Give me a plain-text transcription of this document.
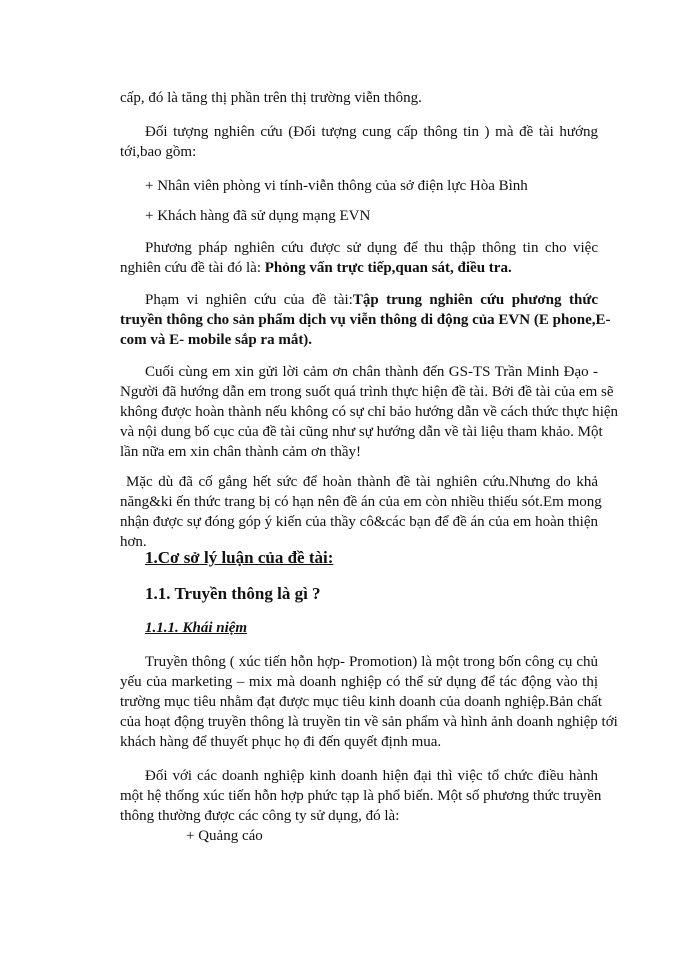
cấp, đó là tăng thị phần trên thị trường viễn thông.
Đối tượng nghiên cứu (Đối tượng cung cấp thông tin ) mà đề tài hướng
tới,bao gồm:
+ Nhân viên phòng vi tính-viễn thông của sở điện lực Hòa Bình
+ Khách hàng đã sử dụng mạng EVN
Phương pháp nghiên cứu được sử dụng để thu thập thông tin cho việc
nghiên cứu đề tài đó là: Phỏng vấn trực tiếp,quan sát, điều tra.
Phạm vi nghiên cứu của đề tài:Tập trung nghiên cứu phương thức
truyền thông cho sản phẩm dịch vụ viễn thông di động của EVN (E phone,E-
com và E- mobile sắp ra mắt).
Cuối cùng em xin gửi lời cảm ơn chân thành đến GS-TS Trần Minh Đạo -
Người đã hướng dẫn em trong suốt quá trình thực hiện đề tài. Bởi đề tài của em sẽ
không được hoàn thành nếu không có sự chỉ bảo hướng dẫn về cách thức thực hiện
và nội dung bố cục của đề tài cũng như sự hướng dẫn về tài liệu tham khảo. Một
lần nữa em xin chân thành cảm ơn thầy!
Mặc dù đã cố gắng hết sức để hoàn thành đề tài nghiên cứu.Nhưng do khả
năng&ki ến thức trang bị có hạn nên đề án của em còn nhiều thiếu sót.Em mong
nhận được sự đóng góp ý kiến của thầy cô&các bạn để đề án của em hoàn thiện
hơn.
1.Cơ sở lý luận của đề tài:
1.1. Truyền thông là gì ?
1.1.1. Khái niệm
Truyền thông ( xúc tiến hỗn hợp- Promotion) là một trong bốn công cụ chủ
yếu của marketing – mix mà doanh nghiệp có thể sử dụng để tác động vào thị
trường mục tiêu nhằm đạt được mục tiêu kinh doanh của doanh nghiệp.Bản chất
của hoạt động truyền thông là truyền tin về sản phẩm và hình ảnh doanh nghiệp tới
khách hàng để thuyết phục họ đi đến quyết định mua.
Đối với các doanh nghiệp kinh doanh hiện đại thì việc tổ chức điều hành
một hệ thống xúc tiến hỗn hợp phức tạp là phổ biến. Một số phương thức truyền
thông thường được các công ty sử dụng, đó là:
+ Quảng cáo
